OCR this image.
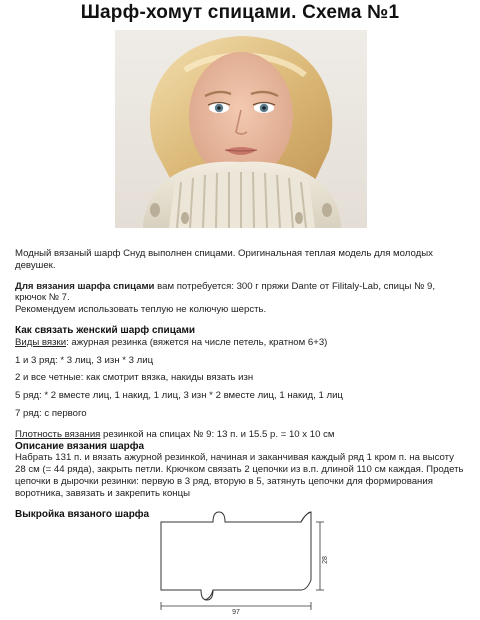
Шарф-хомут спицами. Схема №1

Модный вязаный шарф Снуд выполнен спицами. Оригинальная теплая модель для молодых девушек.

Для вязания шарфа спицами вам потребуется: 300 г пряжи Dante от Filitaly-Lab, спицы № 9, крючок № 7.

Рекомендуем использовать теплую не колючую шерсть.

Как связать женский шарф спицами

Виды вязки: ажурная резинка (вяжется на числе петель, кратном 6+3)

1 и 3 ряд: * 3 лиц, 3 изн * 3 лиц

2 и все четные: как смотрит вязка, накиды вязать изн

5 ряд: * 2 вместе лиц, 1 накид, 1 лиц, 3 изн * 2 вместе лиц, 1 накид, 1 лиц

7 ряд: с первого

Плотность вязания резинкой на спицах № 9: 13 п. и 15.5 р. = 10 х 10 см

Описание вязания шарфа

Набрать 131 п. и вязать ажурной резинкой, начиная и заканчивая каждый ряд 1 кром п. на высоту 28 см (= 44 ряда), закрыть петли. Крючком связать 2 цепочки из в.п. длиной 110 см каждая. Продеть цепочки в дырочки резинки: первую в 3 ряд, вторую в 5, затянуть цепочки для формирования воротника, завязать и закрепить концы

Выкройка вязаного шарфа

28
97
